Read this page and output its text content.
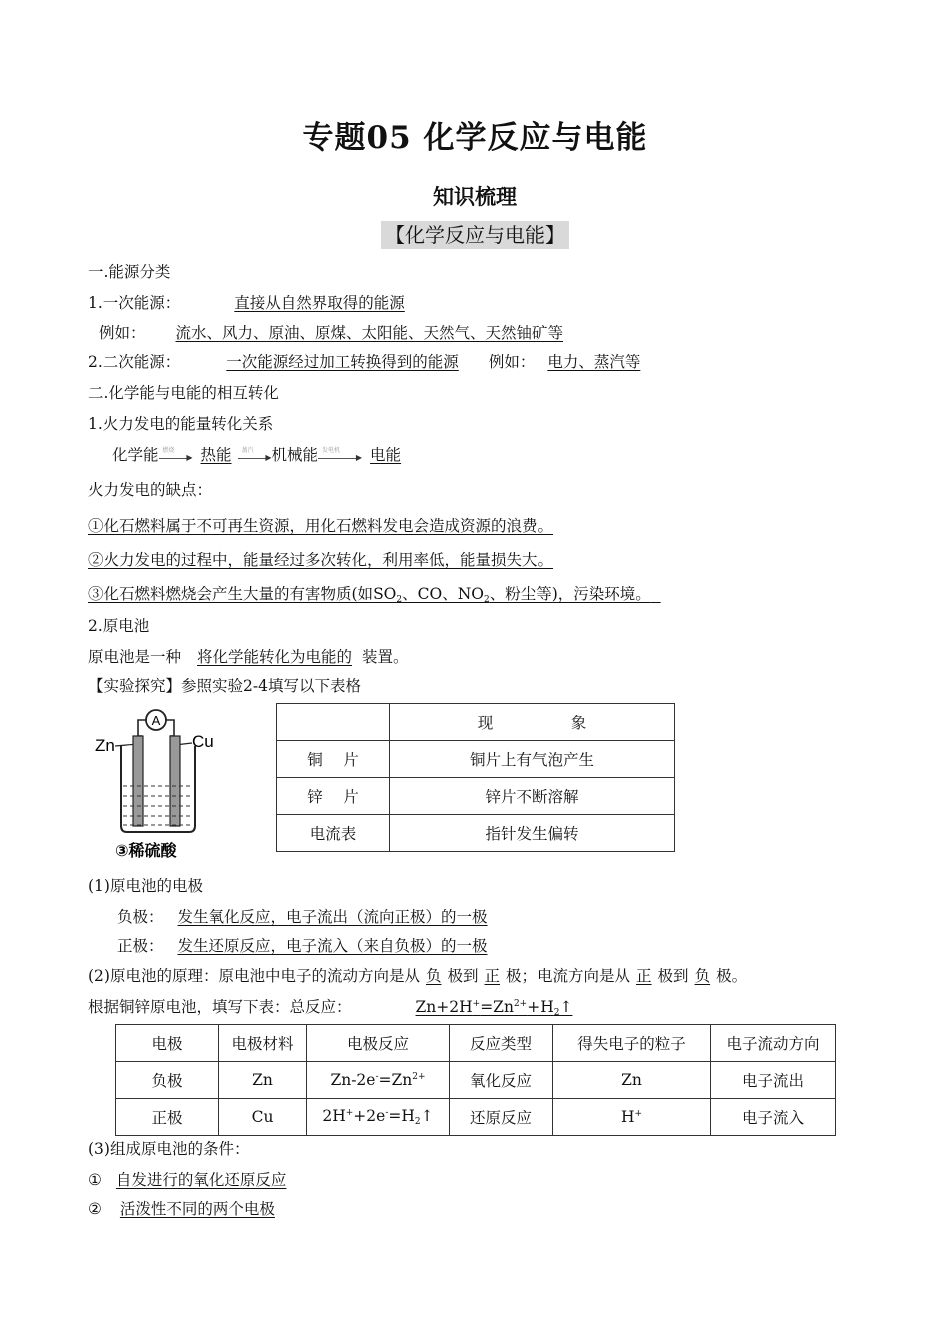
专题05 化学反应与电能
知识梳理
【化学反应与电能】
一.能源分类
1.一次能源：	直接从自然界取得的能源
例如： 流水、风力、原油、原煤、太阳能、天然气、天然铀矿等
2.二次能源：	一次能源经过加工转换得到的能源 例如： 电力、蒸汽等
二.化学能与电能的相互转化
1.火力发电的能量转化关系
化学能 燃烧
▶ 热能 蒸汽
▶ 机械能 发电机
▶ 电能
火力发电的缺点：
①化石燃料属于不可再生资源，用化石燃料发电会造成资源的浪费。
②火力发电的过程中，能量经过多次转化，利用率低，能量损失大。
③化石燃料燃烧会产生大量的有害物质(如$SO_2$、CO、$NO_2$、粉尘等)，污染环境。
2.原电池
原电池是一种 将化学能转化为电能的 装置。
【实验探究】参照实验2-4填写以下表格
A
Zn	Cu
③稀硫酸
	现　　　　　象
铜　 片	铜片上有气泡产生
锌　 片	锌片不断溶解
电流表	指针发生偏转
(1)原电池的电极
负极： 发生氧化反应，电子流出（流向正极）的一极
正极： 发生还原反应，电子流入（来自负极）的一极
(2)原电池的原理：原电池中电子的流动方向是从 负 极到 正 极；电流方向是从 正 极到 负 极。
根据铜锌原电池，填写下表：总反应：	$Zn+2H^+=Zn^{2+}+H_2↑$
电极	电极材料	电极反应	反应类型	得失电子的粒子	电子流动方向
负极	Zn	$Zn-2e^-=Zn^{2+}$	氧化反应	Zn	电子流出
正极	Cu	$2H^++2e^-=H_2↑$	还原反应	H+	电子流入
(3)组成原电池的条件：
① 自发进行的氧化还原反应
② 活泼性不同的两个电极
